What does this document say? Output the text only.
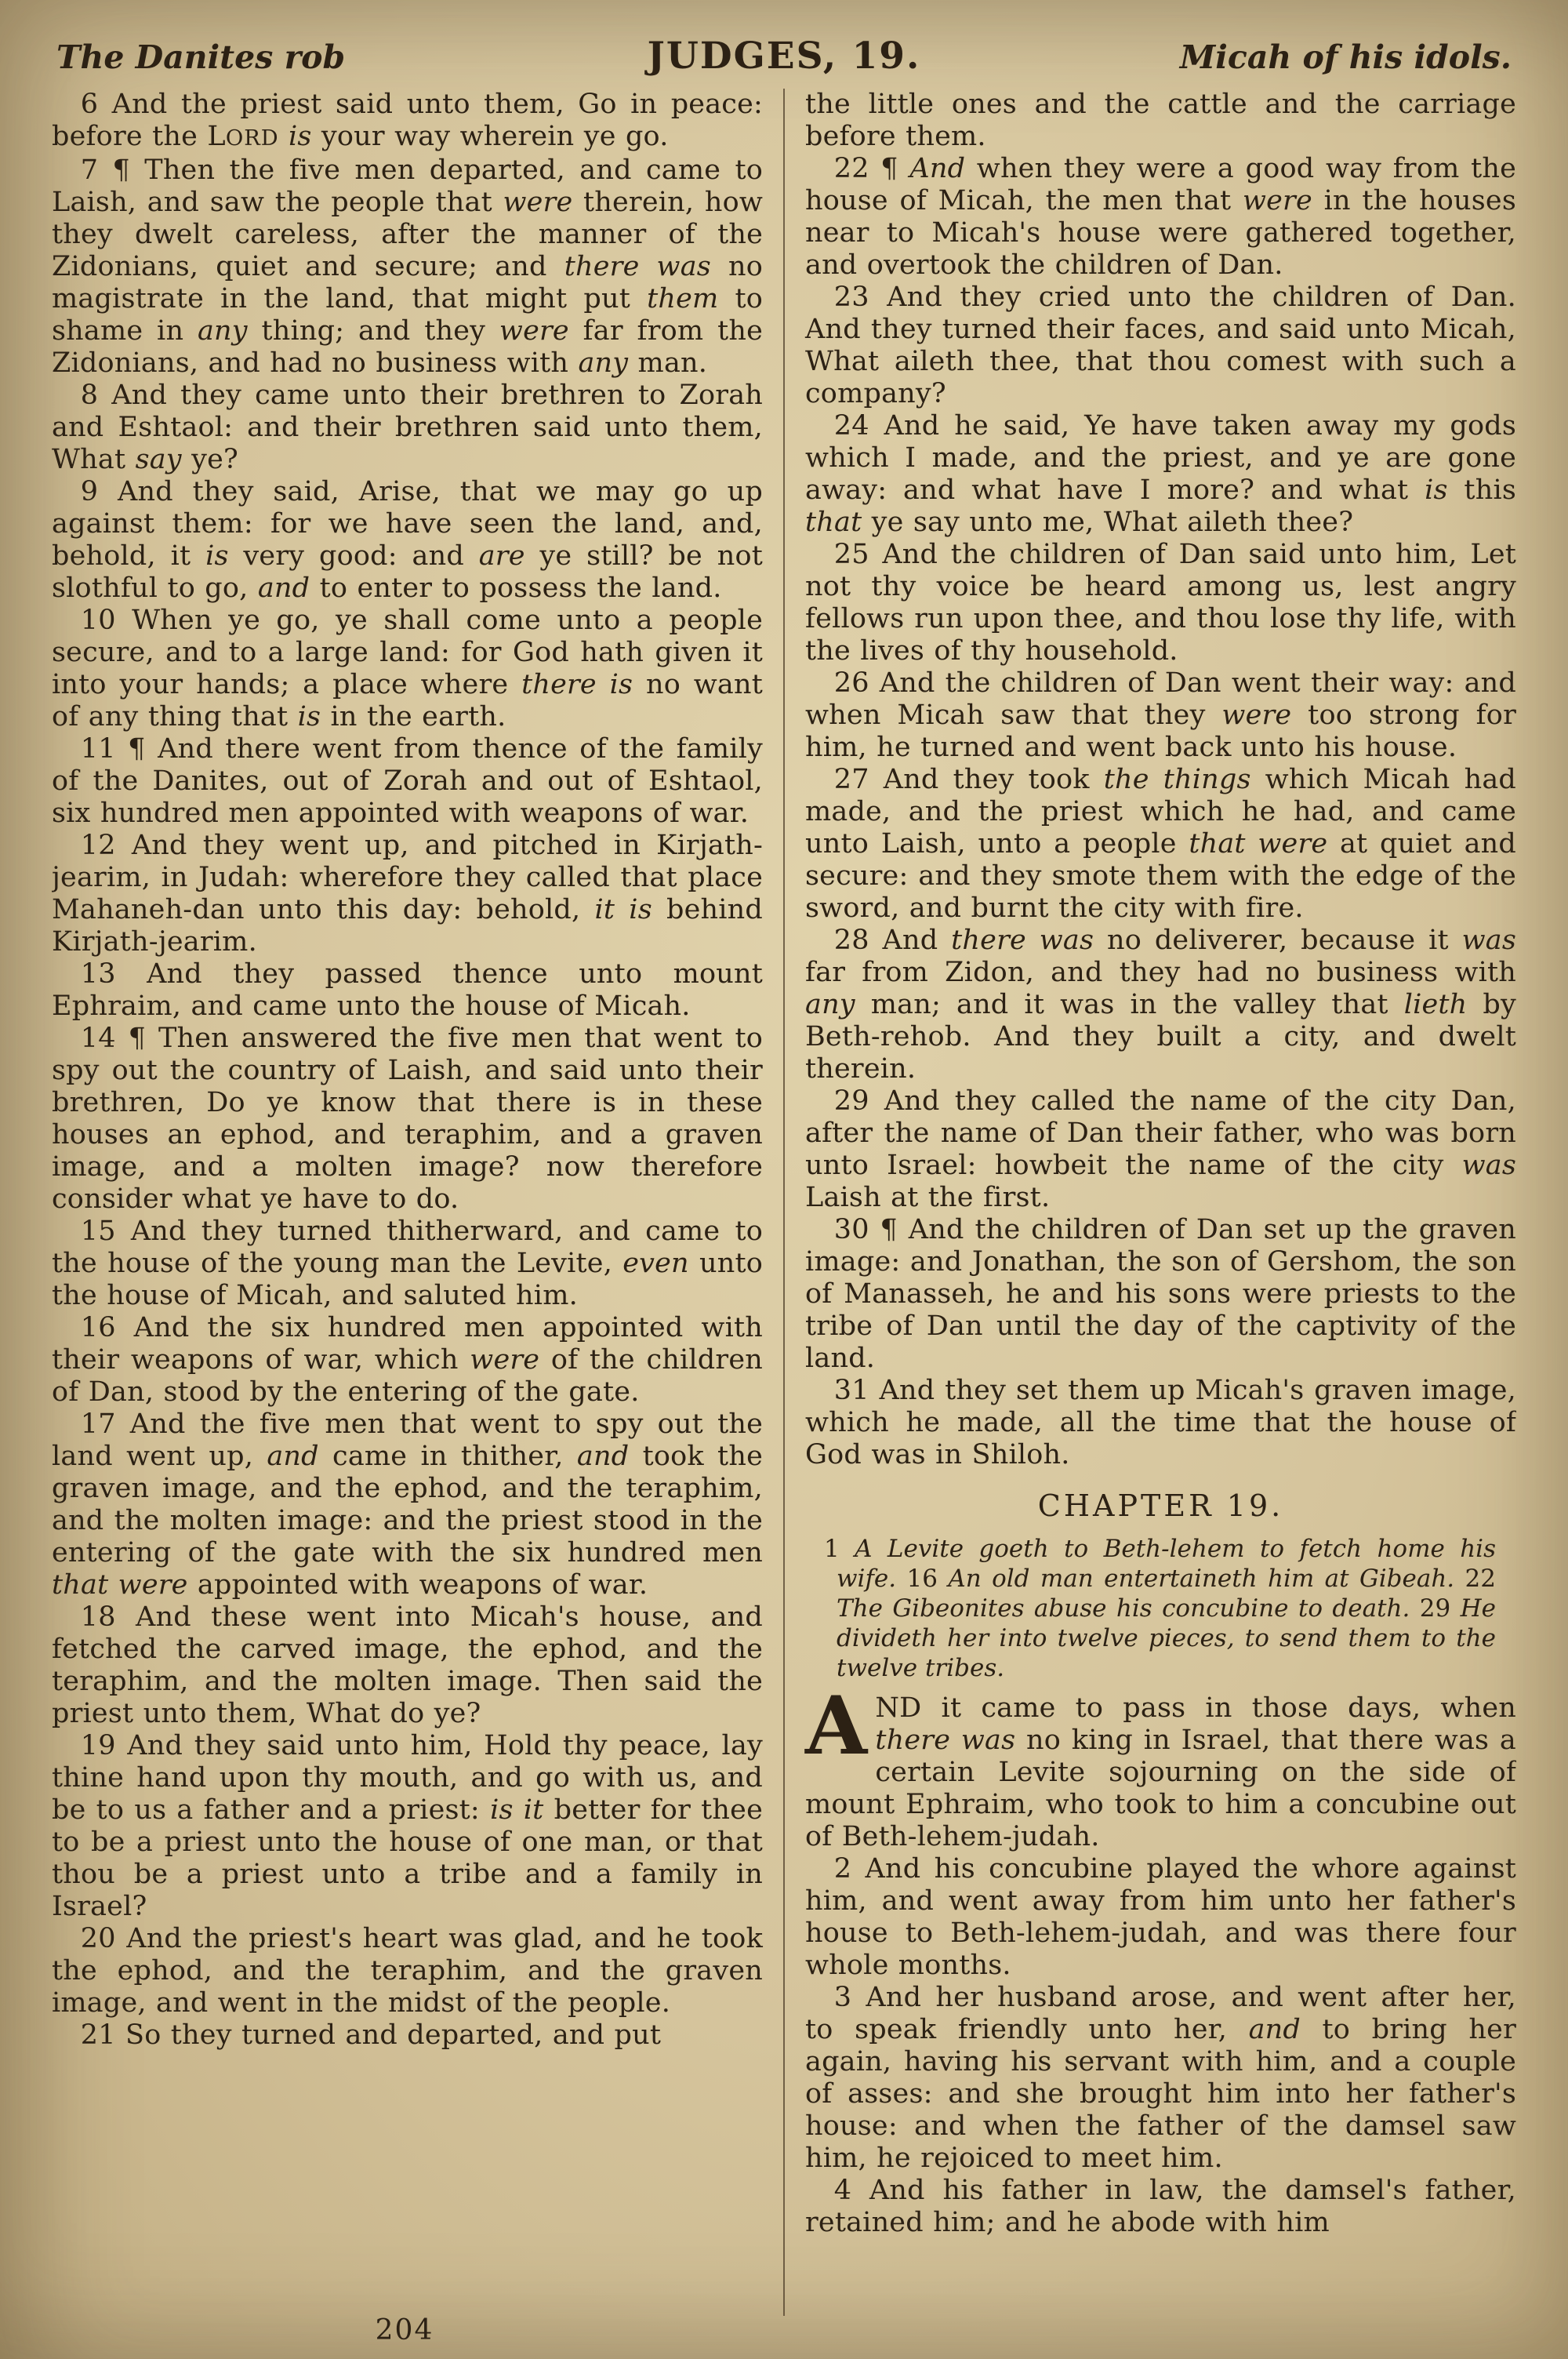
The Danites rob	JUDGES, 19.	Micah of his idols.

6 And the priest said unto them, Go in peace: before the LORD is your way wherein ye go.

7 ¶ Then the five men departed, and came to Laish, and saw the people that were therein, how they dwelt careless, after the manner of the Zidonians, quiet and secure; and there was no magistrate in the land, that might put them to shame in any thing; and they were far from the Zidonians, and had no business with any man.

8 And they came unto their brethren to Zorah and Eshtaol: and their brethren said unto them, What say ye?

9 And they said, Arise, that we may go up against them: for we have seen the land, and, behold, it is very good: and are ye still? be not slothful to go, and to enter to possess the land.

10 When ye go, ye shall come unto a people secure, and to a large land: for God hath given it into your hands; a place where there is no want of any thing that is in the earth.

11 ¶ And there went from thence of the family of the Danites, out of Zorah and out of Eshtaol, six hundred men appointed with weapons of war.

12 And they went up, and pitched in Kirjath-jearim, in Judah: wherefore they called that place Mahaneh-dan unto this day: behold, it is behind Kirjath-jearim.

13 And they passed thence unto mount Ephraim, and came unto the house of Micah.

14 ¶ Then answered the five men that went to spy out the country of Laish, and said unto their brethren, Do ye know that there is in these houses an ephod, and teraphim, and a graven image, and a molten image? now therefore consider what ye have to do.

15 And they turned thitherward, and came to the house of the young man the Levite, even unto the house of Micah, and saluted him.

16 And the six hundred men appointed with their weapons of war, which were of the children of Dan, stood by the entering of the gate.

17 And the five men that went to spy out the land went up, and came in thither, and took the graven image, and the ephod, and the teraphim, and the molten image: and the priest stood in the entering of the gate with the six hundred men that were appointed with weapons of war.

18 And these went into Micah's house, and fetched the carved image, the ephod, and the teraphim, and the molten image. Then said the priest unto them, What do ye?

19 And they said unto him, Hold thy peace, lay thine hand upon thy mouth, and go with us, and be to us a father and a priest: is it better for thee to be a priest unto the house of one man, or that thou be a priest unto a tribe and a family in Israel?

20 And the priest's heart was glad, and he took the ephod, and the teraphim, and the graven image, and went in the midst of the people.

21 So they turned and departed, and put

the little ones and the cattle and the carriage before them.

22 ¶ And when they were a good way from the house of Micah, the men that were in the houses near to Micah's house were gathered together, and overtook the children of Dan.

23 And they cried unto the children of Dan. And they turned their faces, and said unto Micah, What aileth thee, that thou comest with such a company?

24 And he said, Ye have taken away my gods which I made, and the priest, and ye are gone away: and what have I more? and what is this that ye say unto me, What aileth thee?

25 And the children of Dan said unto him, Let not thy voice be heard among us, lest angry fellows run upon thee, and thou lose thy life, with the lives of thy household.

26 And the children of Dan went their way: and when Micah saw that they were too strong for him, he turned and went back unto his house.

27 And they took the things which Micah had made, and the priest which he had, and came unto Laish, unto a people that were at quiet and secure: and they smote them with the edge of the sword, and burnt the city with fire.

28 And there was no deliverer, because it was far from Zidon, and they had no business with any man; and it was in the valley that lieth by Beth-rehob. And they built a city, and dwelt therein.

29 And they called the name of the city Dan, after the name of Dan their father, who was born unto Israel: howbeit the name of the city was Laish at the first.

30 ¶ And the children of Dan set up the graven image: and Jonathan, the son of Gershom, the son of Manasseh, he and his sons were priests to the tribe of Dan until the day of the captivity of the land.

31 And they set them up Micah's graven image, which he made, all the time that the house of God was in Shiloh.

CHAPTER 19.

1 A Levite goeth to Beth-lehem to fetch home his wife. 16 An old man entertaineth him at Gibeah. 22 The Gibeonites abuse his concubine to death. 29 He divideth her into twelve pieces, to send them to the twelve tribes.

AND it came to pass in those days, when there was no king in Israel, that there was a certain Levite sojourning on the side of mount Ephraim, who took to him a concubine out of Beth-lehem-judah.

2 And his concubine played the whore against him, and went away from him unto her father's house to Beth-lehem-judah, and was there four whole months.

3 And her husband arose, and went after her, to speak friendly unto her, and to bring her again, having his servant with him, and a couple of asses: and she brought him into her father's house: and when the father of the damsel saw him, he rejoiced to meet him.

4 And his father in law, the damsel's father, retained him; and he abode with him

204
